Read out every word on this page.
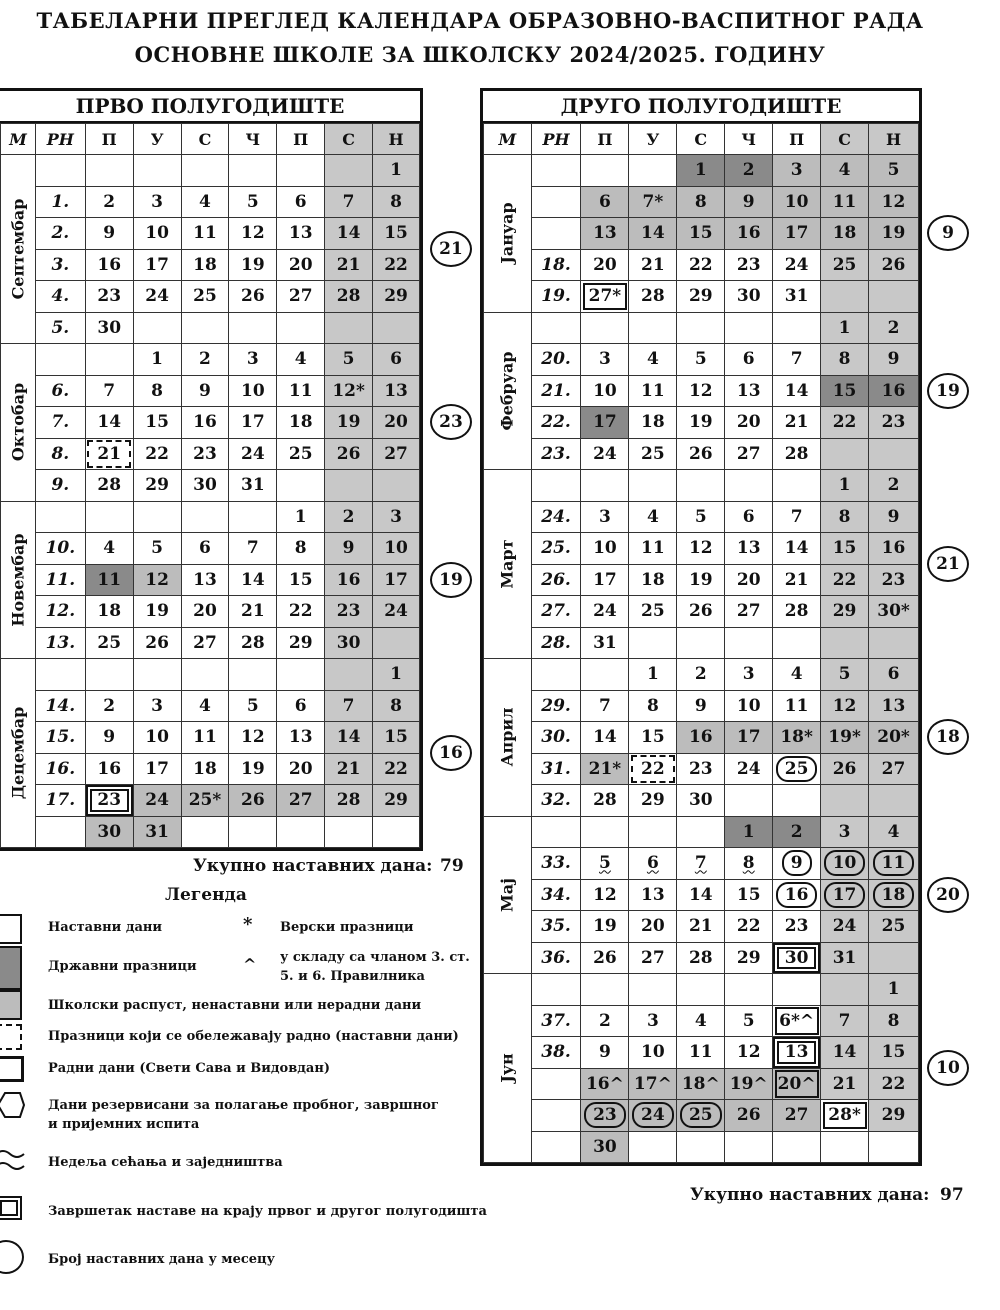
ТАБЕЛАРНИ ПРЕГЛЕД КАЛЕНДАРА ОБРАЗОВНО-ВАСПИТНОГ РАДА
ОСНОВНЕ ШКОЛЕ ЗА ШКОЛСКУ 2024/2025. ГОДИНУ
ПРВО ПОЛУГОДИШТЕ
М	РН	П	У	С	Ч	П	С	Н

Септембар								1
	1.	2	3	4	5	6	7	8
	2.	9	10	11	12	13	14	15
	3.	16	17	18	19	20	21	22
	4.	23	24	25	26	27	28	29
	5.	30						

Октобар			1	2	3	4	5	6
	6.	7	8	9	10	11	12*	13
	7.	14	15	16	17	18	19	20
	8.	21	22	23	24	25	26	27
	9.	28	29	30	31			

Новембар						1	2	3
	10.	4	5	6	7	8	9	10
	11.	11	12	13	14	15	16	17
	12.	18	19	20	21	22	23	24
	13.	25	26	27	28	29	30	

Децембар								1
	14.	2	3	4	5	6	7	8
	15.	9	10	11	12	13	14	15
	16.	16	17	18	19	20	21	22
	17.	23	24	25*	26	27	28	29
		30	31					
21
23
19
16
Укупно наставних дана: 79
ДРУГО ПОЛУГОДИШТЕ
М	РН	П	У	С	Ч	П	С	Н

Јануар				1	2	3	4	5
		6	7*	8	9	10	11	12
		13	14	15	16	17	18	19
	18.	20	21	22	23	24	25	26
	19.	27*	28	29	30	31		

Фебруар							1	2
	20.	3	4	5	6	7	8	9
	21.	10	11	12	13	14	15	16
	22.	17	18	19	20	21	22	23
	23.	24	25	26	27	28		

Март							1	2
	24.	3	4	5	6	7	8	9
	25.	10	11	12	13	14	15	16
	26.	17	18	19	20	21	22	23
	27.	24	25	26	27	28	29	30*
	28.	31						

Април			1	2	3	4	5	6
	29.	7	8	9	10	11	12	13
	30.	14	15	16	17	18*	19*	20*
	31.	21*	22	23	24	25	26	27
	32.	28	29	30				

Мај					1	2	3	4
	33.	5	6	7	8	9	10	11
	34.	12	13	14	15	16	17	18
	35.	19	20	21	22	23	24	25
	36.	26	27	28	29	30	31	

Јун								1
	37.	2	3	4	5	6*^	7	8
	38.	9	10	11	12	13	14	15
		16^	17^	18^	19^	20^	21	22
		23	24	25	26	27	28*	29
		30						
9
19
21
18
20
10
Укупно наставних дана: 97
Легенда
Наставни дани
Државни празници
Школски распуст, ненаставни или нерадни дани
Празници који се обележавају радно (наставни дани)
Радни дани (Свети Сава и Видовдан)
Дани резервисани за полагање пробног, завршног и пријемних испита
Недеља сећања и заједништва
Завршетак наставе на крају првог и другог полугодишта
Број наставних дана у месецу
* Верски празници
^ у складу са чланом 3. ст. 5. и 6. Правилника
